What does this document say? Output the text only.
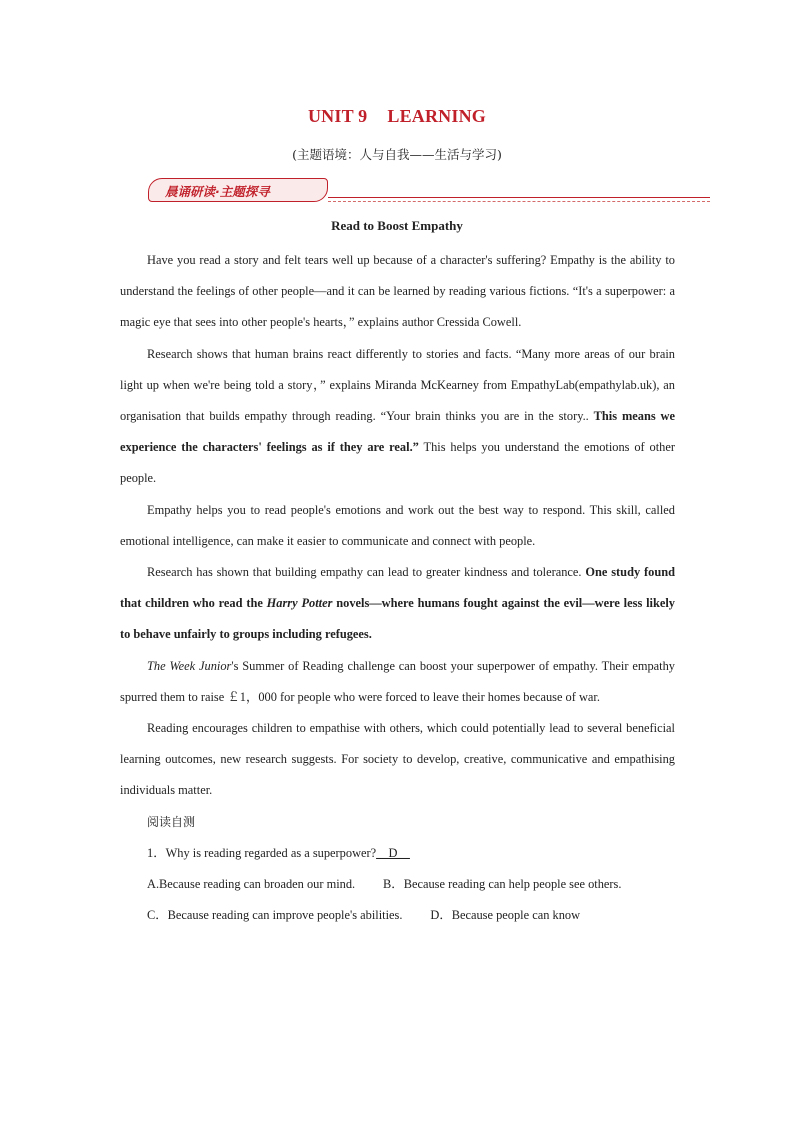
UNIT 9 LEARNING
(主题语境：人与自我——生活与学习)
晨诵研读·主题探寻
Read to Boost Empathy

Have you read a story and felt tears well up because of a character's suffering? Empathy is the ability to understand the feelings of other people—and it can be learned by reading various fictions. “It's a superpower: a magic eye that sees into other people's hearts，” explains author Cressida Cowell.

Research shows that human brains react differently to stories and facts. “Many more areas of our brain light up when we're being told a story，” explains Miranda McKearney from EmpathyLab(empathylab.uk), an organisation that builds empathy through reading. “Your brain thinks you are in the story.. This means we experience the characters' feelings as if they are real.” This helps you understand the emotions of other people.

Empathy helps you to read people's emotions and work out the best way to respond. This skill, called emotional intelligence, can make it easier to communicate and connect with people.

Research has shown that building empathy can lead to greater kindness and tolerance. One study found that children who read the Harry Potter novels—where humans fought against the evil—were less likely to behave unfairly to groups including refugees.

The Week Junior's Summer of Reading challenge can boost your superpower of empathy. Their empathy spurred them to raise ￡1，000 for people who were forced to leave their homes because of war.

Reading encourages children to empathise with others, which could potentially lead to several beneficial learning outcomes, new research suggests. For society to develop, creative, communicative and empathising individuals matter.

阅读自测

1．Why is reading regarded as a superpower?__D__

A.Because reading can broaden our mind. B．Because reading can help people see others.

C．Because reading can improve people's abilities. D．Because people can know
